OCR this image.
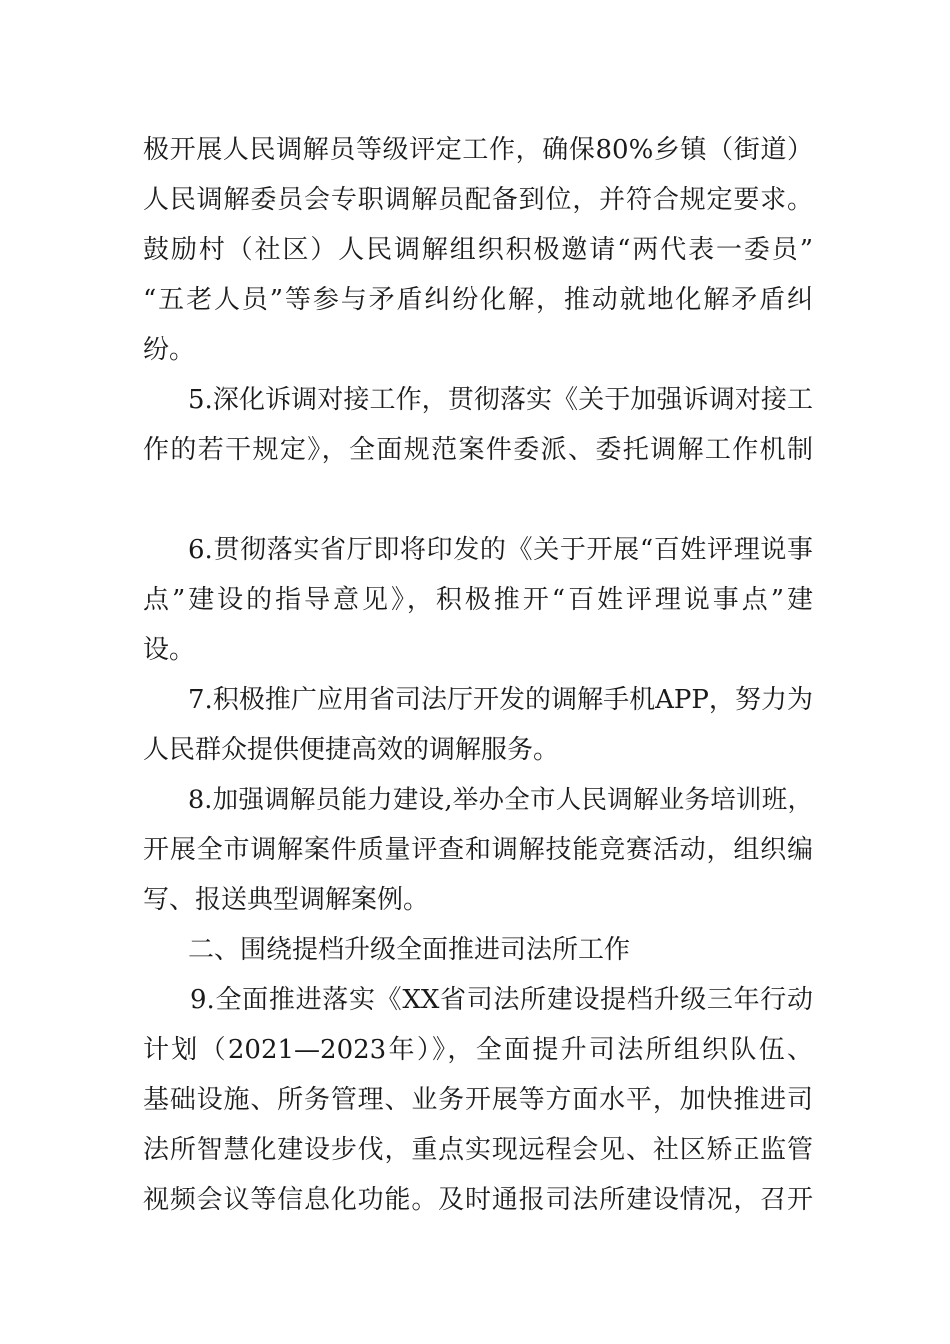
极开展人民调解员等级评定工作，确保80%乡镇（街道）
人民调解委员会专职调解员配备到位，并符合规定要求。
鼓励村（社区）人民调解组织积极邀请“两代表一委员”
“五老人员”等参与矛盾纠纷化解，推动就地化解矛盾纠
纷。
5.深化诉调对接工作，贯彻落实《关于加强诉调对接工
作的若干规定》，全面规范案件委派、委托调解工作机制
6.贯彻落实省厅即将印发的《关于开展“百姓评理说事
点”建设的指导意见》，积极推开“百姓评理说事点”建
设。
7.积极推广应用省司法厅开发的调解手机APP，努力为
人民群众提供便捷高效的调解服务。
8.加强调解员能力建设,举办全市人民调解业务培训班，
开展全市调解案件质量评查和调解技能竞赛活动，组织编
写、报送典型调解案例。
二、围绕提档升级全面推进司法所工作
9.全面推进落实《XX省司法所建设提档升级三年行动
计划（2021—2023年）》，全面提升司法所组织队伍、
基础设施、所务管理、业务开展等方面水平，加快推进司
法所智慧化建设步伐，重点实现远程会见、社区矫正监管
视频会议等信息化功能。及时通报司法所建设情况，召开
